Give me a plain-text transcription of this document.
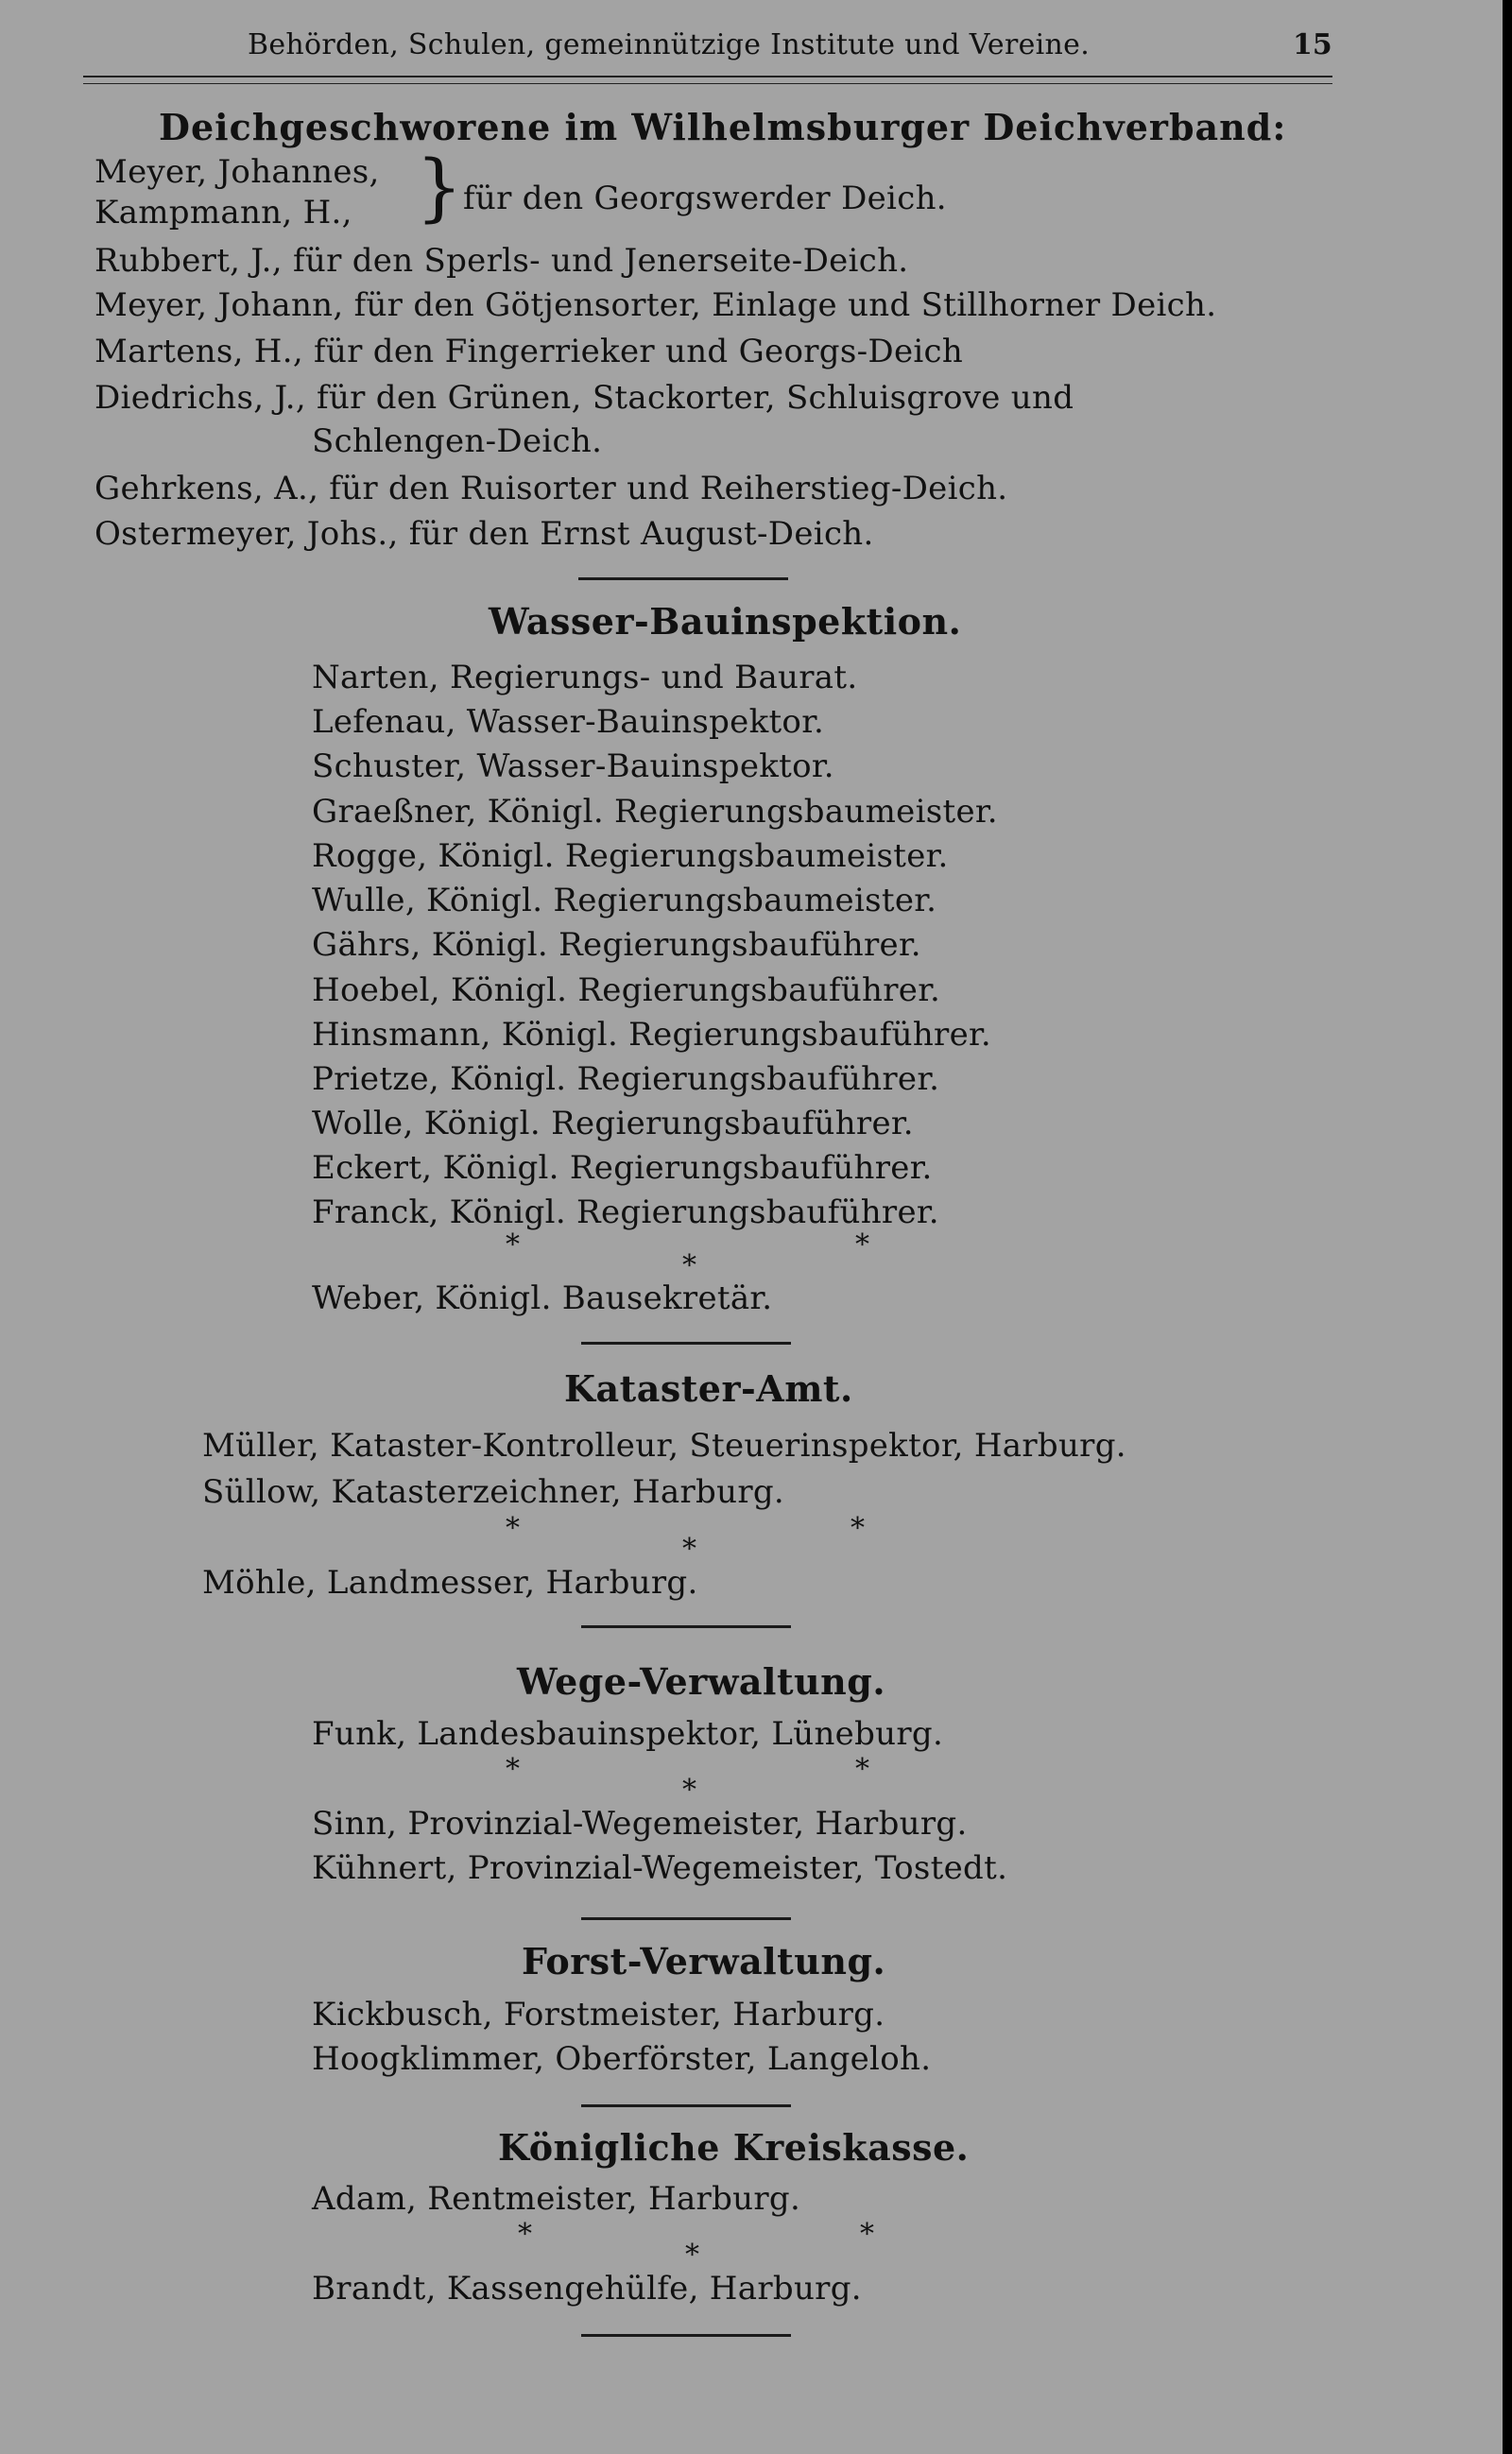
Behörden, Schulen, gemeinnützige Institute und Vereine.	15
Deichgeschworene im Wilhelmsburger Deichverband:
Meyer, Johannes,
Kampmann, H., } für den Georgswerder Deich.
Rubbert, J., für den Sperls- und Jenerseite-Deich.
Meyer, Johann, für den Götjensorter, Einlage und Stillhorner Deich.
Martens, H., für den Fingerrieker und Georgs-Deich
Diedrichs, J., für den Grünen, Stackorter, Schluisgrove und
Schlengen-Deich.
Gehrkens, A., für den Ruisorter und Reiherstieg-Deich.
Ostermeyer, Johs., für den Ernst August-Deich.
Wasser-Bauinspektion.
Narten, Regierungs- und Baurat.
Lefenau, Wasser-Bauinspektor.
Schuster, Wasser-Bauinspektor.
Graeßner, Königl. Regierungsbaumeister.
Rogge, Königl. Regierungsbaumeister.
Wulle, Königl. Regierungsbaumeister.
Gährs, Königl. Regierungsbauführer.
Hoebel, Königl. Regierungsbauführer.
Hinsmann, Königl. Regierungsbauführer.
Prietze, Königl. Regierungsbauführer.
Wolle, Königl. Regierungsbauführer.
Eckert, Königl. Regierungsbauführer.
Franck, Königl. Regierungsbauführer.
*
*
*
Weber, Königl. Bausekretär.
Kataster-Amt.
Müller, Kataster-Kontrolleur, Steuerinspektor, Harburg.
Süllow, Katasterzeichner, Harburg.
*
*
*
Möhle, Landmesser, Harburg.
Wege-Verwaltung.
Funk, Landesbauinspektor, Lüneburg.
*
*
*
Sinn, Provinzial-Wegemeister, Harburg.
Kühnert, Provinzial-Wegemeister, Tostedt.
Forst-Verwaltung.
Kickbusch, Forstmeister, Harburg.
Hoogklimmer, Oberförster, Langeloh.
Königliche Kreiskasse.
Adam, Rentmeister, Harburg.
*
*
*
Brandt, Kassengehülfe, Harburg.
